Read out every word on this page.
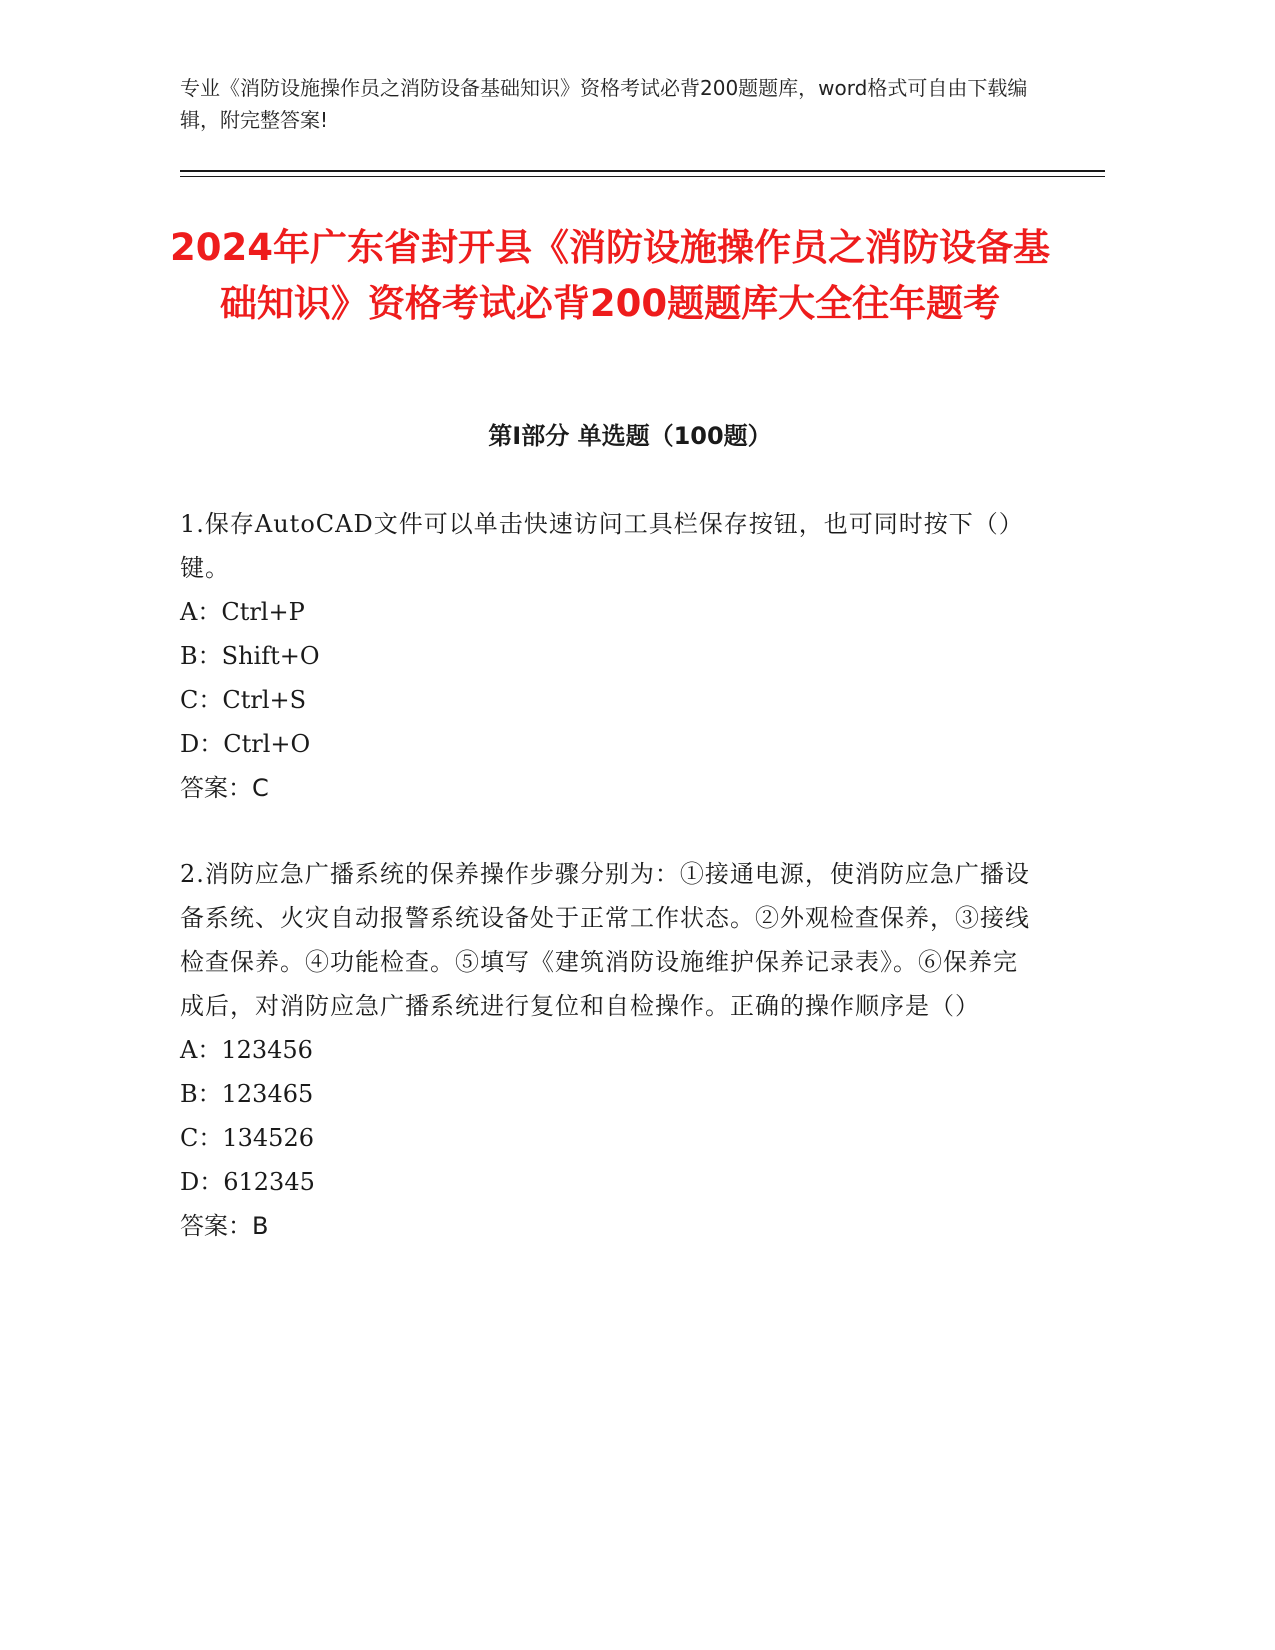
专业《消防设施操作员之消防设备基础知识》资格考试必背200题题库，word格式可自由下载编辑，附完整答案!
2024年广东省封开县《消防设施操作员之消防设备基础知识》资格考试必背200题题库大全往年题考
第I部分 单选题（100题）
1.保存AutoCAD文件可以单击快速访问工具栏保存按钮，也可同时按下（）键。
A：Ctrl+P
B：Shift+O
C：Ctrl+S
D：Ctrl+O
答案：C
2.消防应急广播系统的保养操作步骤分别为：①接通电源，使消防应急广播设备系统、火灾自动报警系统设备处于正常工作状态。②外观检查保养，③接线检查保养。④功能检查。⑤填写《建筑消防设施维护保养记录表》。⑥保养完成后，对消防应急广播系统进行复位和自检操作。正确的操作顺序是（）
A：123456
B：123465
C：134526
D：612345
答案：B
